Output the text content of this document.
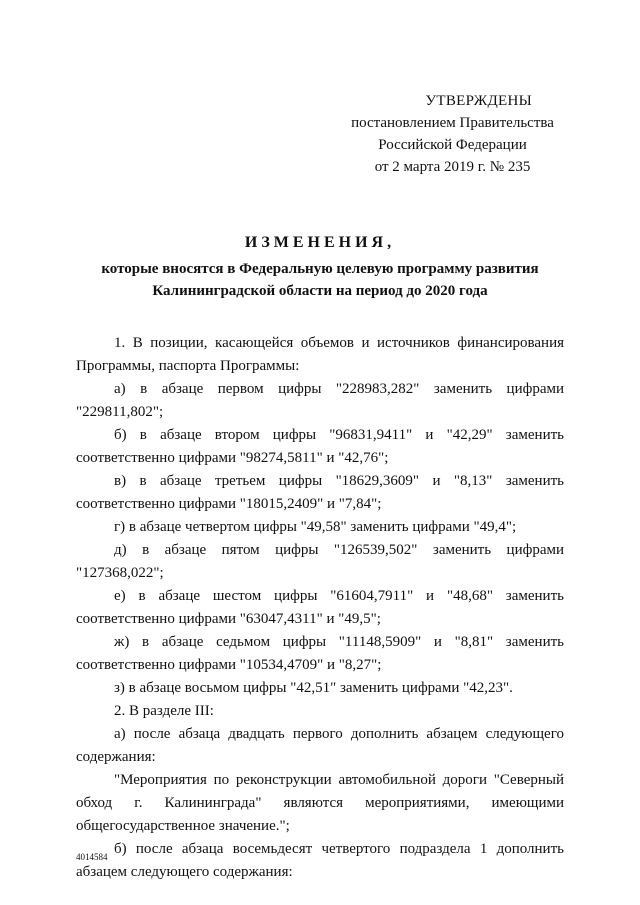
УТВЕРЖДЕНЫ
постановлением Правительства
Российской Федерации
от 2 марта 2019 г. № 235
ИЗМЕНЕНИЯ,
которые вносятся в Федеральную целевую программу развития
Калининградской области на период до 2020 года
1. В позиции, касающейся объемов и источников финансирования
Программы, паспорта Программы:
а) в абзаце первом цифры "228983,282" заменить цифрами
"229811,802";
б) в абзаце втором цифры "96831,9411" и "42,29" заменить
соответственно цифрами "98274,5811" и "42,76";
в) в абзаце третьем цифры "18629,3609" и "8,13" заменить
соответственно цифрами "18015,2409" и "7,84";
г) в абзаце четвертом цифры "49,58" заменить цифрами "49,4";
д) в абзаце пятом цифры "126539,502" заменить цифрами
"127368,022";
е) в абзаце шестом цифры "61604,7911" и "48,68" заменить
соответственно цифрами "63047,4311" и "49,5";
ж) в абзаце седьмом цифры "11148,5909" и "8,81" заменить
соответственно цифрами "10534,4709" и "8,27";
з) в абзаце восьмом цифры "42,51" заменить цифрами "42,23".
2. В разделе III:
а) после абзаца двадцать первого дополнить абзацем следующего
содержания:
"Мероприятия по реконструкции автомобильной дороги "Северный
обход г. Калининграда" являются мероприятиями, имеющими
общегосударственное значение.";
б) после абзаца восемьдесят четвертого подраздела 1 дополнить
абзацем следующего содержания:
4014584
